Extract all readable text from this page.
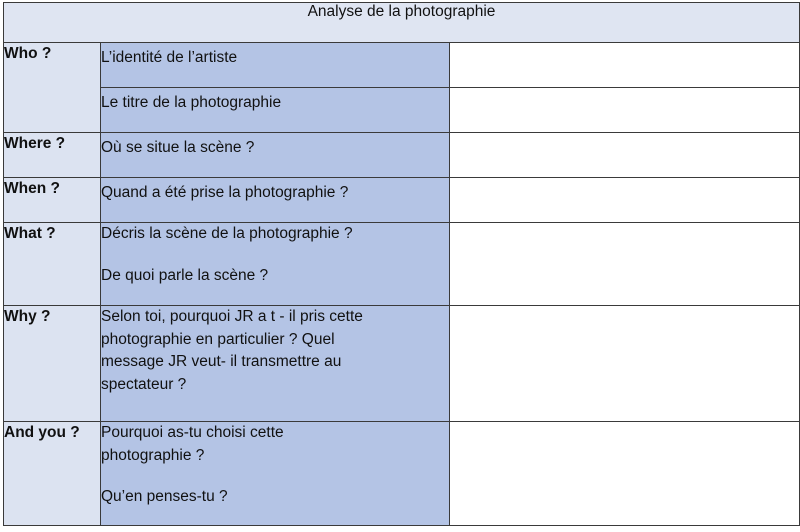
Analyse de la photographie		

Who ?	L’identité de l’artiste	

	Le titre de la photographie	

Where ?	Où se situe la scène ?	

When ?	Quand a été prise la photographie ?	

What ?	Décris la scène de la photographie ?
De quoi parle la scène ?	

Why ?	Selon toi, pourquoi JR a t - il pris cette
photographie en particulier ? Quel
message JR veut- il transmettre au
spectateur ?	

And you ?	Pourquoi as-tu choisi cette
photographie ?
Qu’en penses-tu ?	
